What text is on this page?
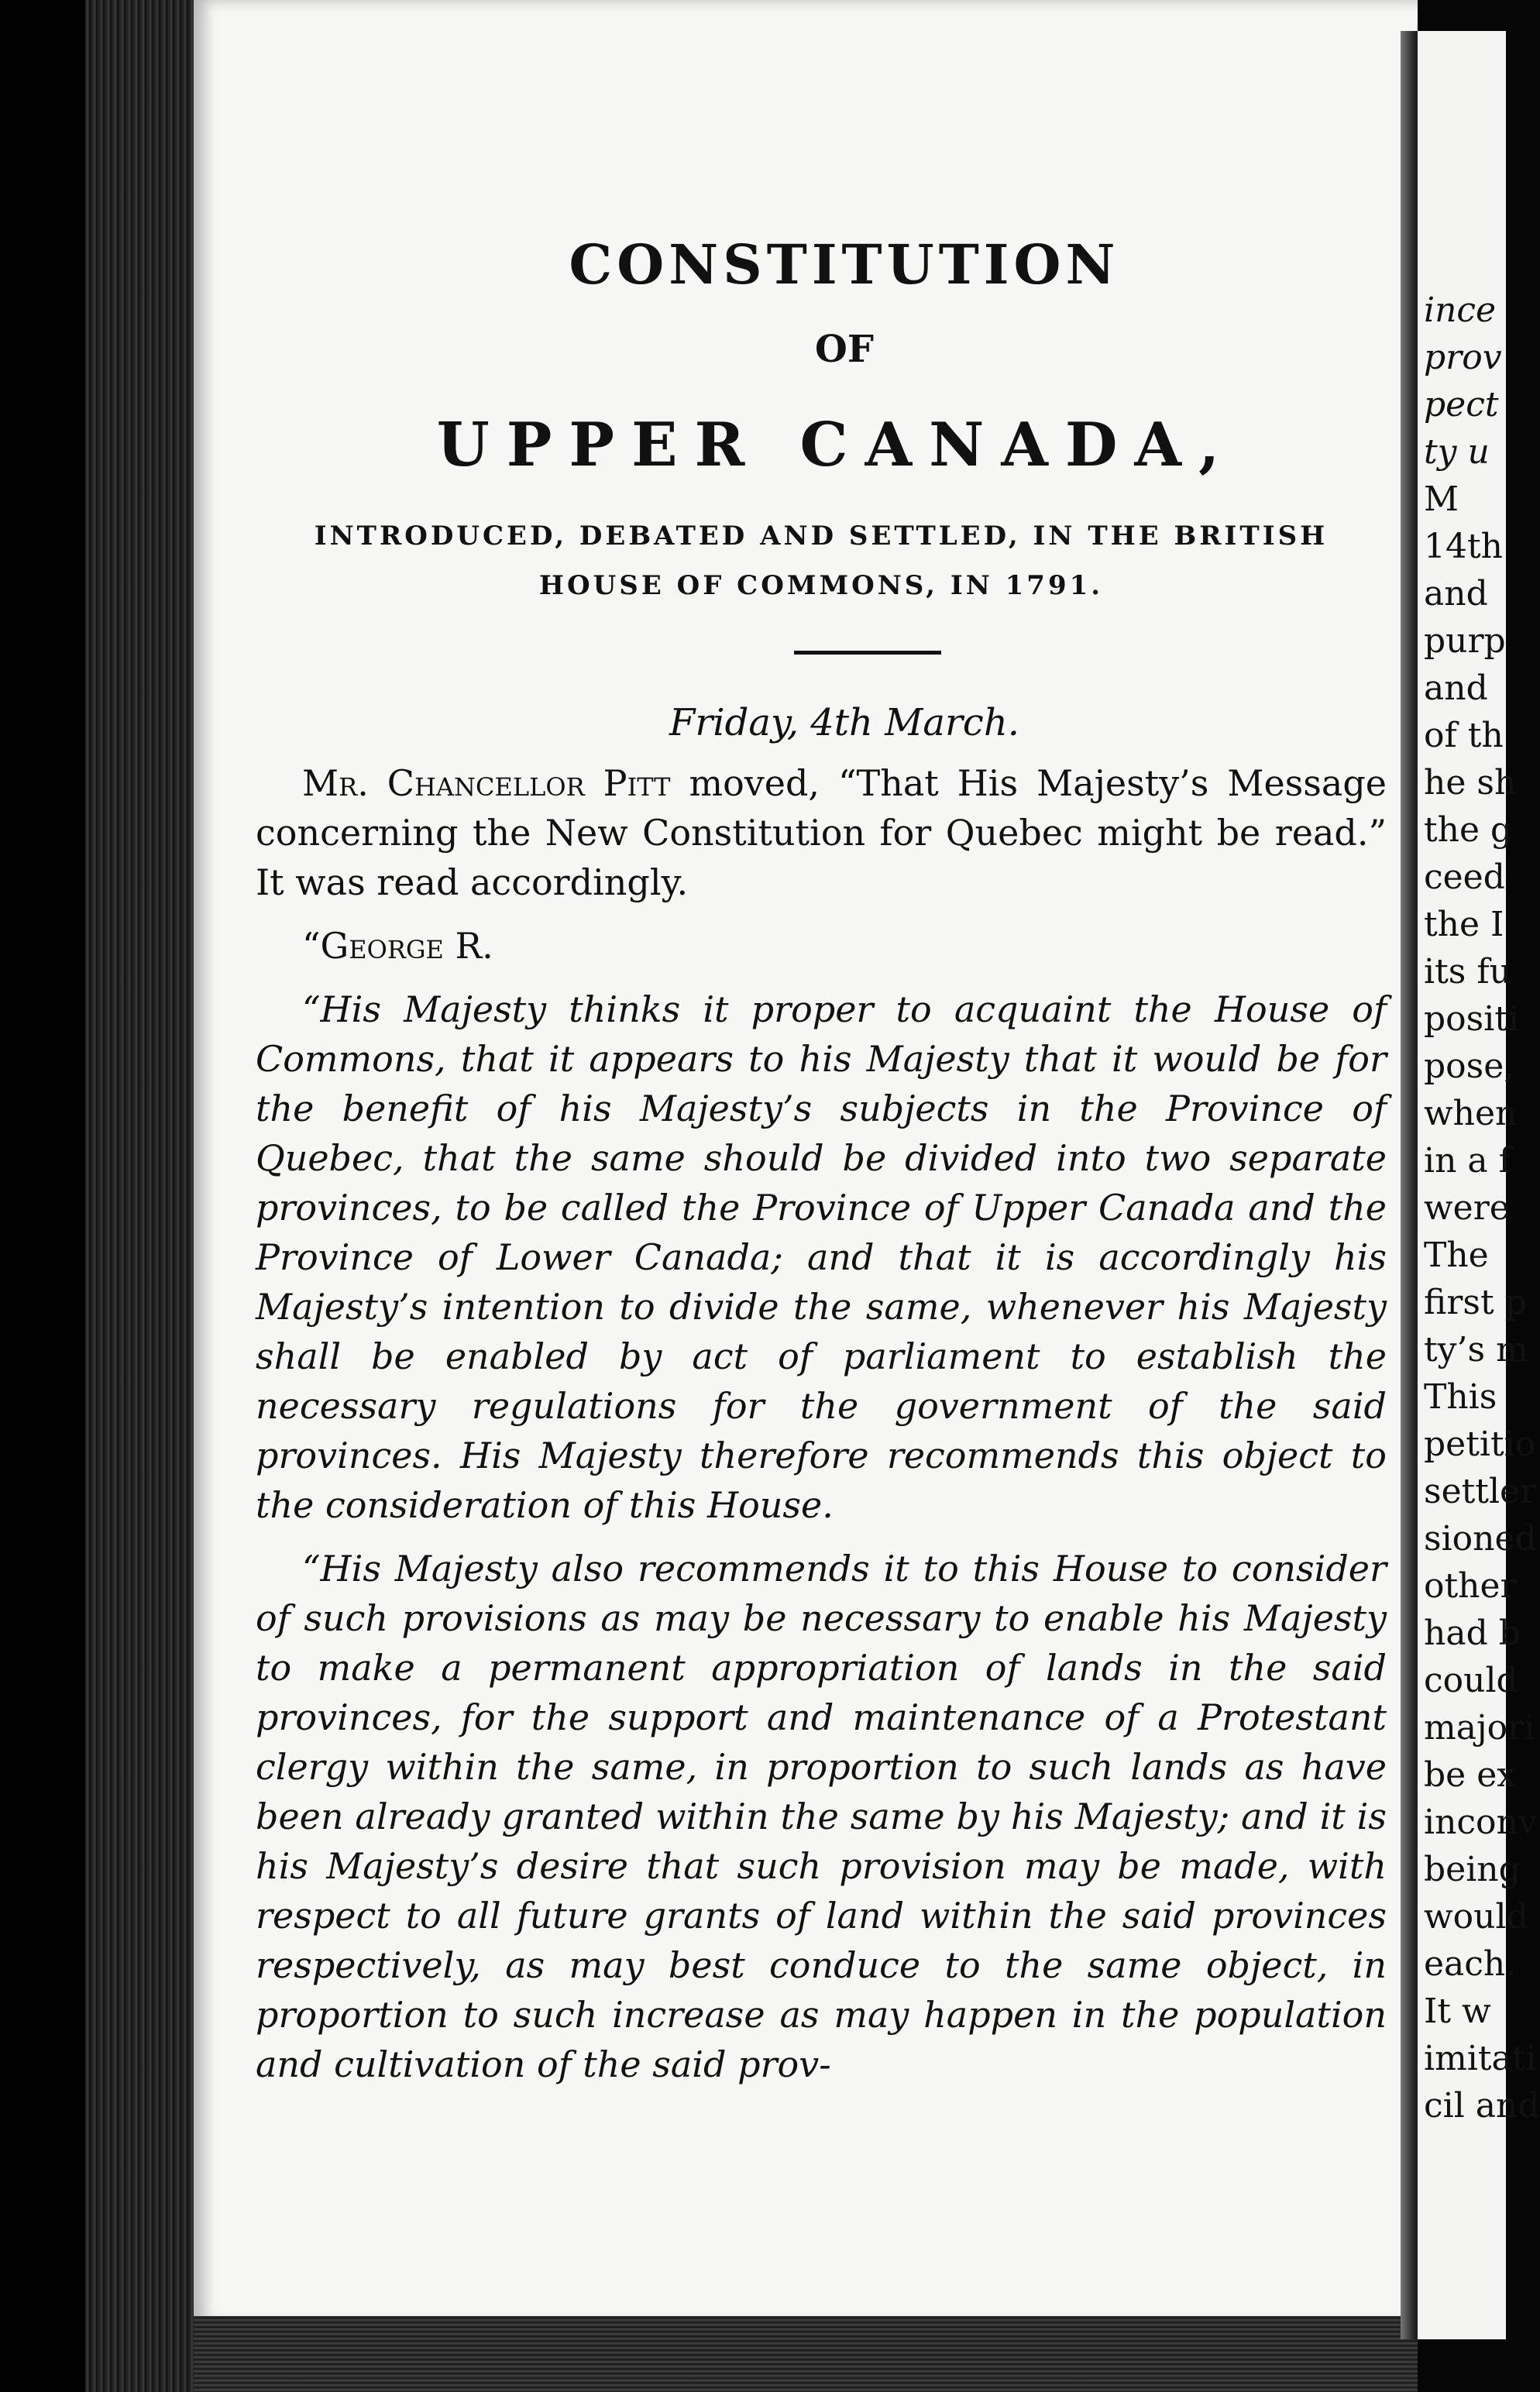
CONSTITUTION
OF
UPPER CANADA,
INTRODUCED, DEBATED AND SETTLED, IN THE BRITISH HOUSE OF COMMONS, IN 1791.
Friday, 4th March.

Mr. Chancellor Pitt moved, “That His Majesty’s Message concerning the New Constitution for Quebec might be read.” It was read accordingly.

“George R.

“His Majesty thinks it proper to acquaint the House of Commons, that it appears to his Majesty that it would be for the benefit of his Majesty’s subjects in the Province of Quebec, that the same should be divided into two separate provinces, to be called the Province of Upper Canada and the Province of Lower Canada; and that it is accordingly his Majesty’s intention to divide the same, whenever his Majesty shall be enabled by act of parliament to establish the necessary regulations for the government of the said provinces. His Majesty therefore recommends this object to the consideration of this House.

“His Majesty also recommends it to this House to consider of such provisions as may be necessary to enable his Majesty to make a permanent appropriation of lands in the said provinces, for the support and maintenance of a Protestant clergy within the same, in proportion to such lands as have been already granted within the same by his Majesty; and it is his Majesty’s desire that such provision may be made, with respect to all future grants of land within the said provinces respectively, as may best conduce to the same object, in proportion to such increase as may happen in the population and cultivation of the said prov-

ince
prov
pect
ty u
M
14th
and
purp
and
of th
he sh
the g
ceed
the I
its fu
positi
pose,
when
in a f
were
The
first p
ty’s m
This
petitio
settler
sioned
other
had b
could
majori
be ex
inconv
being
would
each.
It w
imitati
cil and
